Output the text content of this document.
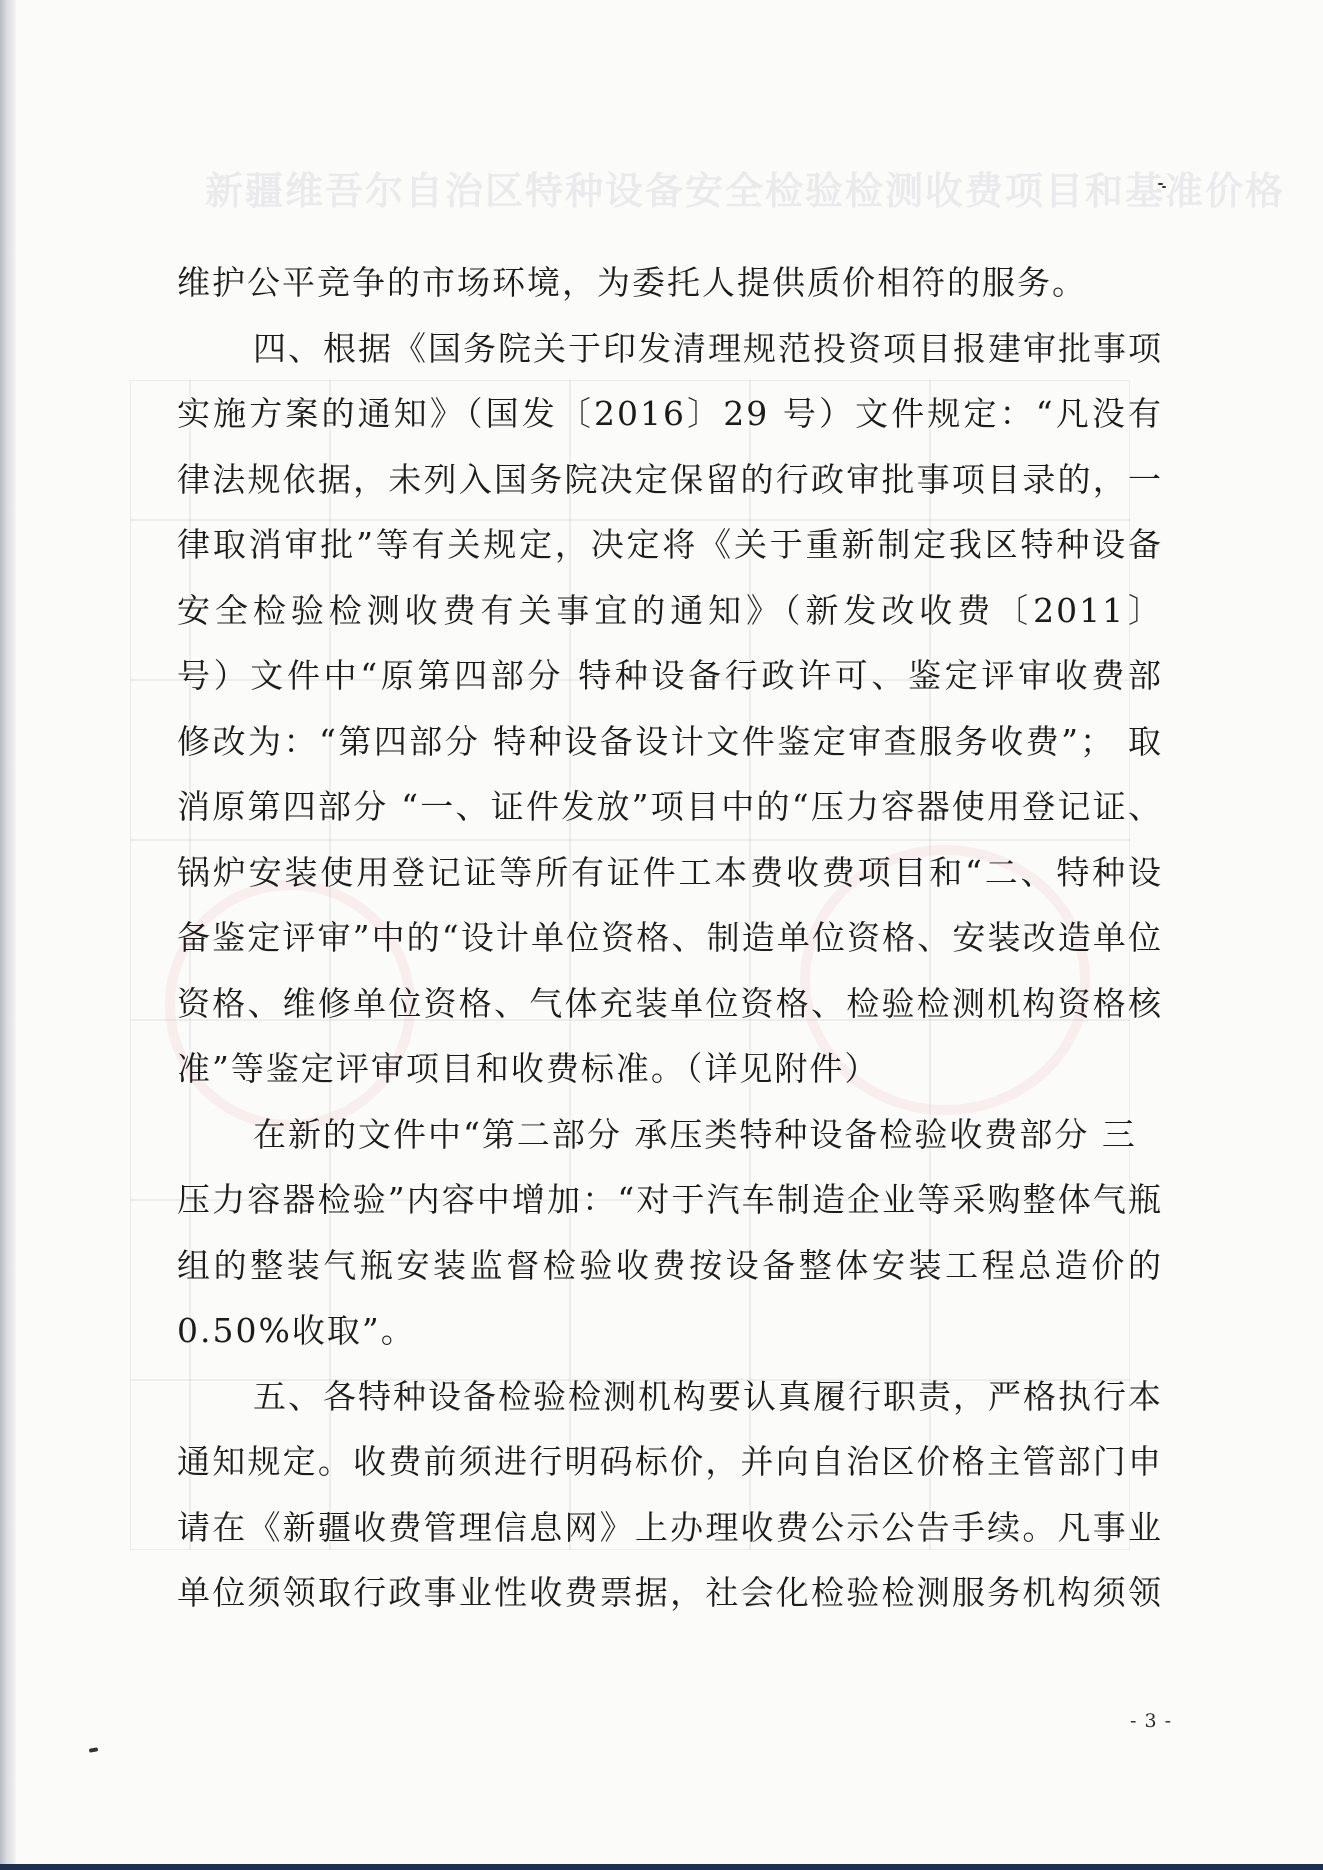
新疆维吾尔自治区特种设备安全检验检测收费项目和基准价格
维护公平竞争的市场环境，为委托人提供质价相符的服务。
四、根据《国务院关于印发清理规范投资项目报建审批事项
实施方案的通知》（国发〔2016〕29 号）文件规定：“凡没有
律法规依据，未列入国务院决定保留的行政审批事项目录的，一
律取消审批”等有关规定，决定将《关于重新制定我区特种设备
安全检验检测收费有关事宜的通知》（新发改收费〔2011〕
号）文件中“原第四部分 特种设备行政许可、鉴定评审收费部
修改为：“第四部分 特种设备设计文件鉴定审查服务收费”； 取
消原第四部分 “一、证件发放”项目中的“压力容器使用登记证、
锅炉安装使用登记证等所有证件工本费收费项目和“二、特种设
备鉴定评审”中的“设计单位资格、制造单位资格、安装改造单位
资格、维修单位资格、气体充装单位资格、检验检测机构资格核
准”等鉴定评审项目和收费标准。（详见附件）
在新的文件中“第二部分 承压类特种设备检验收费部分 三
压力容器检验”内容中增加：“对于汽车制造企业等采购整体气瓶
组的整装气瓶安装监督检验收费按设备整体安装工程总造价的
0.50%收取”。
五、各特种设备检验检测机构要认真履行职责，严格执行本
通知规定。收费前须进行明码标价，并向自治区价格主管部门申
请在《新疆收费管理信息网》上办理收费公示公告手续。凡事业
单位须领取行政事业性收费票据，社会化检验检测服务机构须领
- 3 -
